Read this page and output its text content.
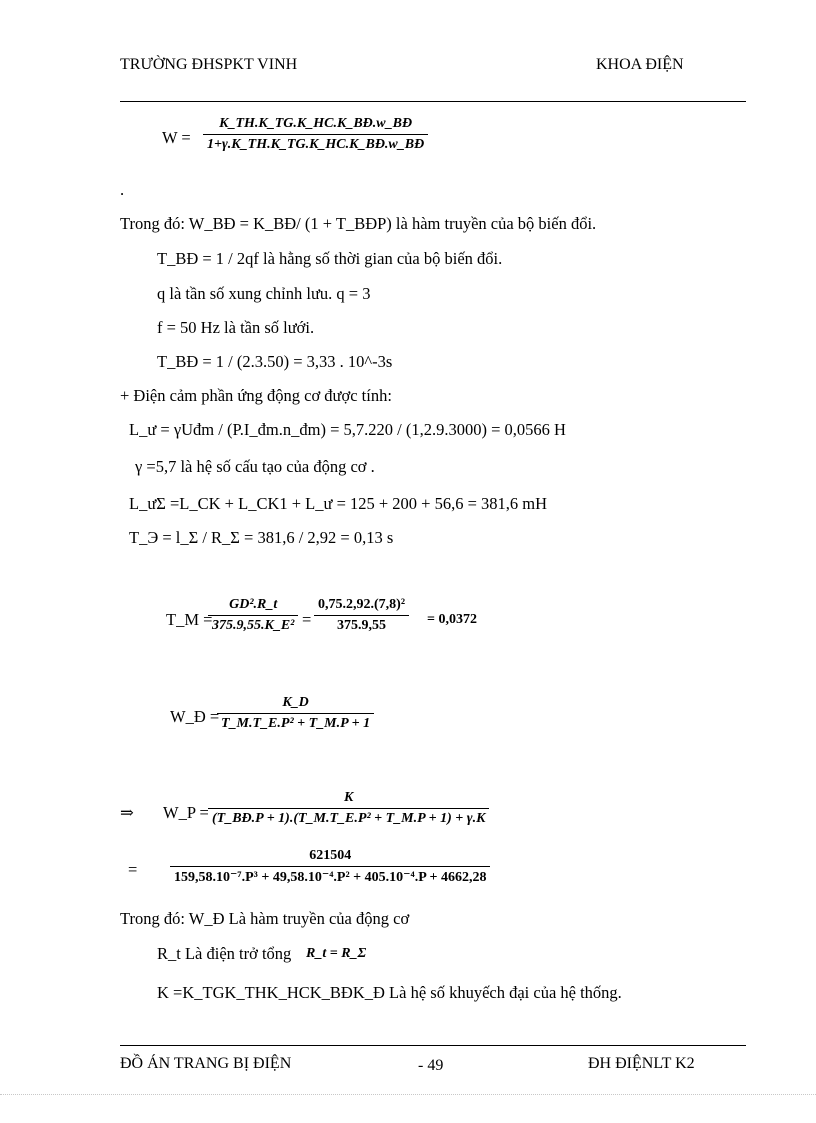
TRƯỜNG ĐHSPKT VINH	KHOA ĐIỆN
$W = \frac{K\_TH.K\_TG.K\_HC.K\_BĐ.w\_BĐ}{1+\gamma.K\_TH.K\_TG.K\_HC.K\_BĐ.w\_BĐ}$
.
Trong đó: W_BĐ = K_BĐ/ (1 + T_BĐP) là hàm truyền của bộ biến đổi.
T_BĐ = 1 / 2qf là hằng số thời gian của bộ biến đổi.
q là tần số xung chỉnh lưu. q = 3
f = 50 Hz là tần số lưới.
T_BĐ = 1 / (2.3.50) = 3,33 . 10^-3s
+ Điện cảm phần ứng động cơ được tính:
L_ư = γUđm / (P.I_đm.n_đm) = 5,7.220 / (1,2.9.3000) = 0,0566 H
γ =5,7 là hệ số cấu tạo của động cơ .
L_ưΣ =L_CK + L_CK1 + L_ư = 125 + 200 + 56,6 = 381,6 mH
T_Э = l_Σ / R_Σ = 381,6 / 2,92 = 0,13 s
T_M =
$\frac{\text{GD².R\_t}}{\text{375.9,55.K\_E²}} = \frac{\text{0,75.2,92.(7,8)²}}{375.9,55} = 0,0372$
W_Đ =
$\frac{K\_D}{\text{T\_M.T\_E.P² + T\_M.P + 1}}$
⇒ W_P = $\frac{K}{\text{(T\_BĐ.P + 1).(T\_M.T\_E.P² + T\_M.P + 1) + γ.K}}$
= $\frac{621504}{\text{159,58.10⁻⁷.P³ + 49,58.10⁻⁴.P² + 405.10⁻⁴.P + 4662,28}}$
Trong đó: W_Đ Là hàm truyền của động cơ
R_t Là điện trở tổng R_t = R_Σ
K =K_TGK_THK_HCK_BĐK_Đ Là hệ số khuyếch đại của hệ thống.
ĐỒ ÁN TRANG BỊ ĐIỆN	- 49	ĐH ĐIỆNLT K2
